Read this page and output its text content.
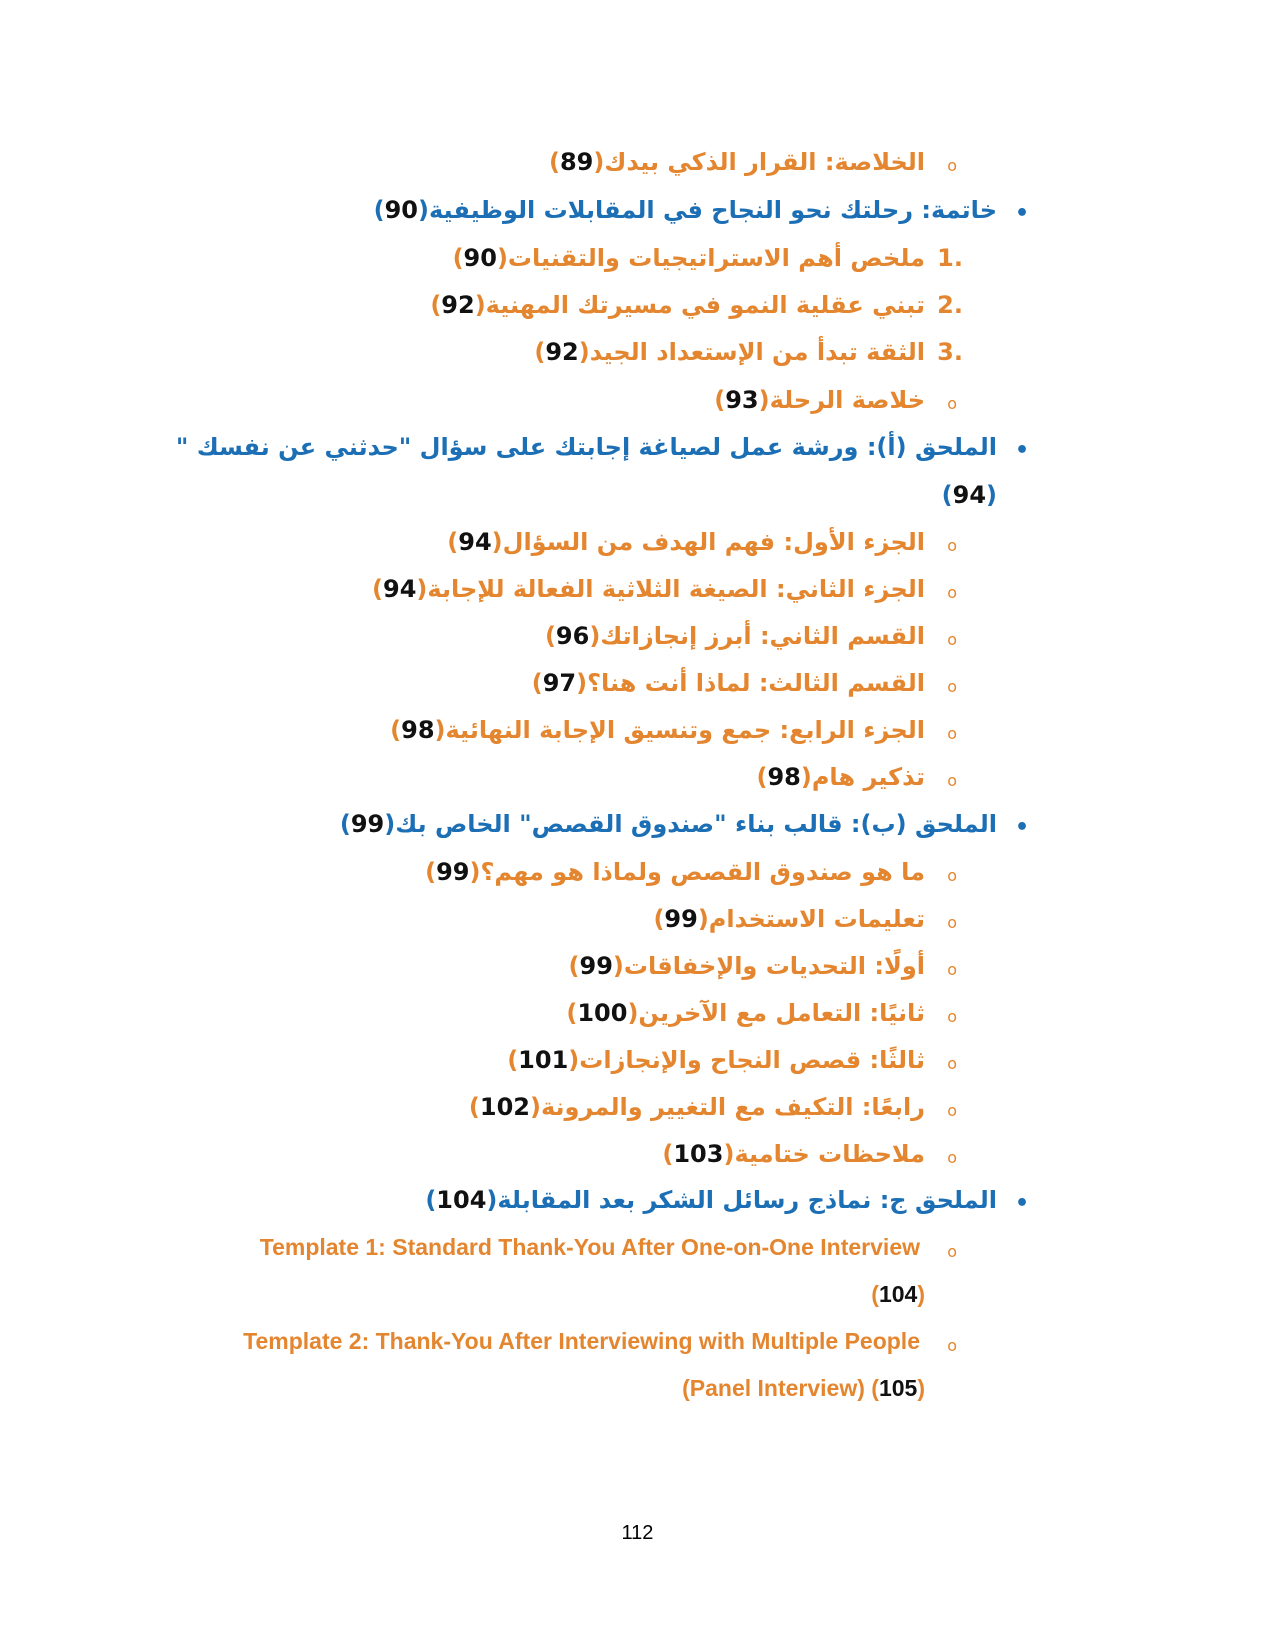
o
الخلاصة: القرار الذكي بيدك(89)
•
خاتمة: رحلتك نحو النجاح في المقابلات الوظيفية(90)
1.
ملخص أهم الاستراتيجيات والتقنيات(90)
2.
تبني عقلية النمو في مسيرتك المهنية(92)
3.
الثقة تبدأ من الإستعداد الجيد(92)
o
خلاصة الرحلة(93)
•
الملحق (أ): ورشة عمل لصياغة إجابتك على سؤال "حدثني عن نفسك "
(94)
o
الجزء الأول: فهم الهدف من السؤال(94)
o
الجزء الثاني: الصيغة الثلاثية الفعالة للإجابة(94)
o
القسم الثاني: أبرز إنجازاتك(96)
o
القسم الثالث: لماذا أنت هنا؟(97)
o
الجزء الرابع: جمع وتنسيق الإجابة النهائية(98)
o
تذكير هام(98)
•
الملحق (ب): قالب بناء "صندوق القصص" الخاص بك(99)
o
ما هو صندوق القصص ولماذا هو مهم؟(99)
o
تعليمات الاستخدام(99)
o
أولًا: التحديات والإخفاقات(99)
o
ثانيًا: التعامل مع الآخرين(100)
o
ثالثًا: قصص النجاح والإنجازات(101)
o
رابعًا: التكيف مع التغيير والمرونة(102)
o
ملاحظات ختامية(103)
•
الملحق ج: نماذج رسائل الشكر بعد المقابلة(104)
o
Template 1: Standard Thank-You After One-on-One Interview
(104)
o
Template 2: Thank-You After Interviewing with Multiple People
(Panel Interview) (105)
112
